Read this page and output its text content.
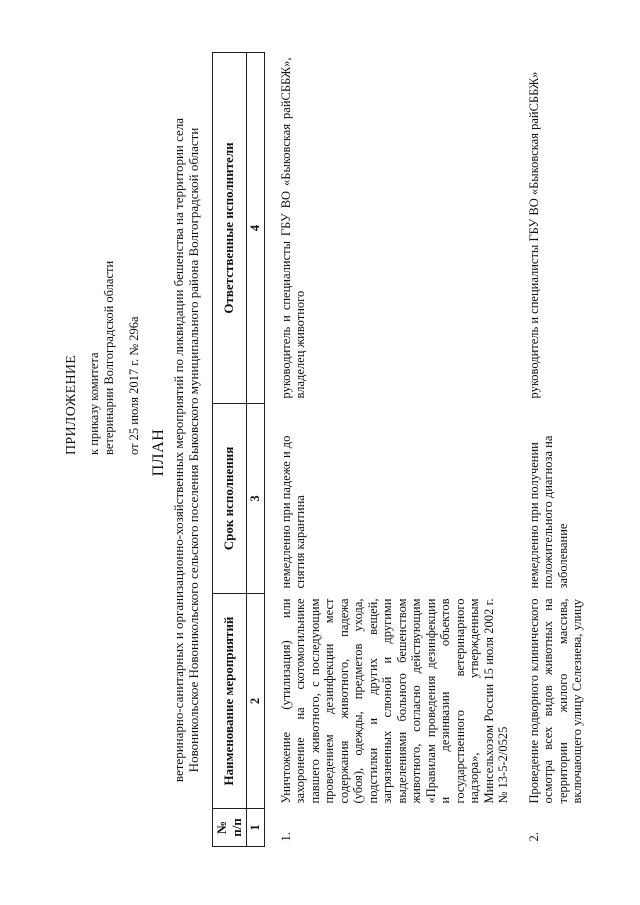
ПРИЛОЖЕНИЕ к приказу комитета ветеринарии Волгоградской области от 25 июля 2017 г. № 296а ПЛАН ветеринарно-санитарных и организационно-хозяйственных мероприятий по ликвидации бешенства на территории села Новоникольское Новоникольского сельского поселения Быковского муниципального района Волгоградской области
№ п/п	Наименование мероприятий	Срок исполнения	Ответственные исполнители
1	2	3	4
1.	Уничтожение (утилизация) или захоронение на скотомогильнике павшего животного, с последующим проведением дезинфекции мест содержания животного, падежа (убоя), одежды, предметов ухода, подстилки и других вещей, загрязненных слюной и другими выделениями больного бешенством животного, согласно действующим «Правилам проведения дезинфекции и дезинвазии объектов государственного ветеринарного надзора», утвержденным Минсельхозом России 15 июля 2002 г. № 13-5-2/0525	немедленно при падеже и до снятия карантина	руководитель и специалисты ГБУ ВО «Быковская райСББЖ», владелец животного
2.	Проведение подворного клинического осмотра всех видов животных на территории жилого массива, включающего улицу Селезнева, улицу	немедленно при получении положительного диагноза на заболевание	руководитель и специалисты ГБУ ВО «Быковская райСББЖ»
